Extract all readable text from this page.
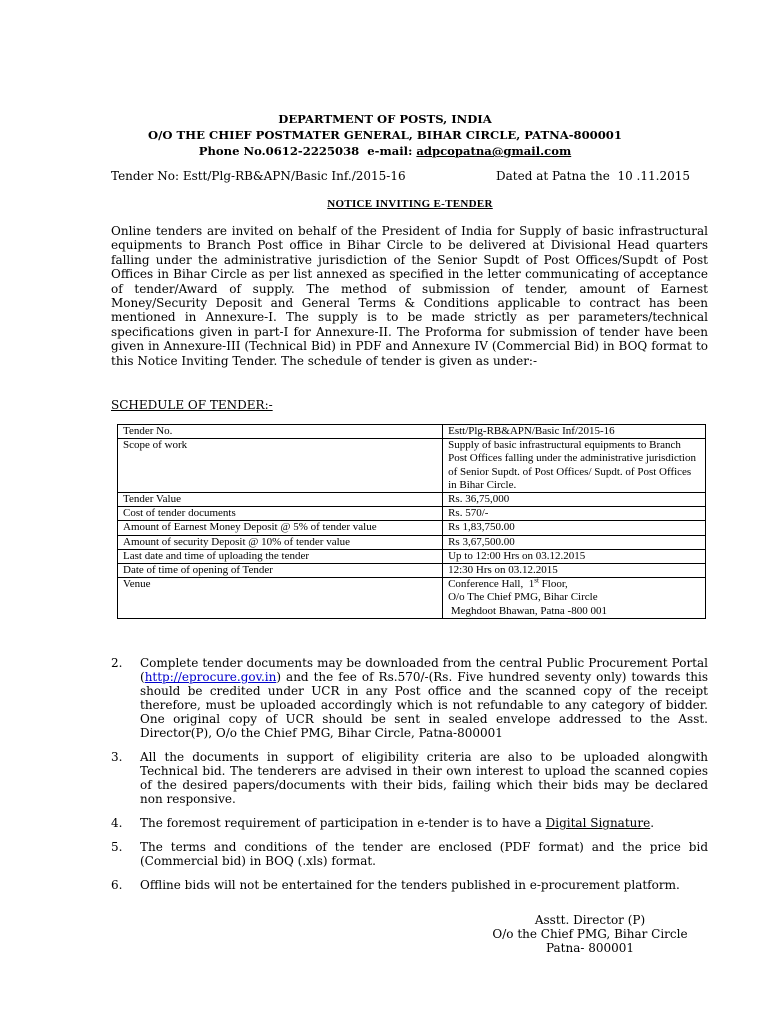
DEPARTMENT OF POSTS, INDIA
O/O THE CHIEF POSTMATER GENERAL, BIHAR CIRCLE, PATNA-800001
Phone No.0612-2225038  e-mail: adpcopatna@gmail.com
Tender No: Estt/Plg-RB&APN/Basic Inf./2015-16	Dated at Patna the  10 .11.2015
NOTICE INVITING E-TENDER
Online tenders are invited on behalf of the President of India for Supply of basic infrastructural equipments to Branch Post office in Bihar Circle to be delivered at Divisional Head quarters falling under the administrative jurisdiction of the Senior Supdt of Post Offices/Supdt of Post Offices in Bihar Circle as per list annexed as specified in the letter communicating of acceptance of tender/Award of supply. The method of submission of tender, amount of Earnest Money/Security Deposit and General Terms & Conditions applicable to contract has been mentioned in Annexure-I. The supply is to be made strictly as per parameters/technical specifications given in part-I for Annexure-II. The Proforma for submission of tender have been given in Annexure-III (Technical Bid) in PDF and Annexure IV (Commercial Bid) in BOQ format to this Notice Inviting Tender. The schedule of tender is given as under:-
SCHEDULE OF TENDER:-
Tender No.	Estt/Plg-RB&APN/Basic Inf/2015-16
Scope of work	Supply of basic infrastructural equipments to Branch Post Offices falling under the administrative jurisdiction of Senior Supdt. of Post Offices/ Supdt. of Post Offices in Bihar Circle.
Tender Value	Rs. 36,75,000
Cost of tender documents	Rs. 570/-
Amount of Earnest Money Deposit @ 5% of tender value	Rs 1,83,750.00
Amount of security Deposit @ 10% of tender value	Rs 3,67,500.00
Last date and time of uploading the tender	Up to 12:00 Hrs on 03.12.2015
Date of time of opening of Tender	12:30 Hrs on 03.12.2015
Venue	Conference Hall,  1st Floor,
O/o The Chief PMG, Bihar Circle
Meghdoot Bhawan, Patna -800 001
2. Complete tender documents may be downloaded from the central Public Procurement Portal (http://eprocure.gov.in) and the fee of Rs.570/-(Rs. Five hundred seventy only) towards this should be credited under UCR in any Post office and the scanned copy of the receipt therefore, must be uploaded accordingly which is not refundable to any category of bidder. One original copy of UCR should be sent in sealed envelope addressed to the Asst. Director(P), O/o the Chief PMG, Bihar Circle, Patna-800001
3. All the documents in support of eligibility criteria are also to be uploaded alongwith Technical bid. The tenderers are advised in their own interest to upload the scanned copies of the desired papers/documents with their bids, failing which their bids may be declared non responsive.
4. The foremost requirement of participation in e-tender is to have a Digital Signature.
5. The terms and conditions of the tender are enclosed (PDF format) and the price bid (Commercial bid) in BOQ (.xls) format.
6. Offline bids will not be entertained for the tenders published in e-procurement platform.
Asstt. Director (P)
O/o the Chief PMG, Bihar Circle
Patna- 800001
